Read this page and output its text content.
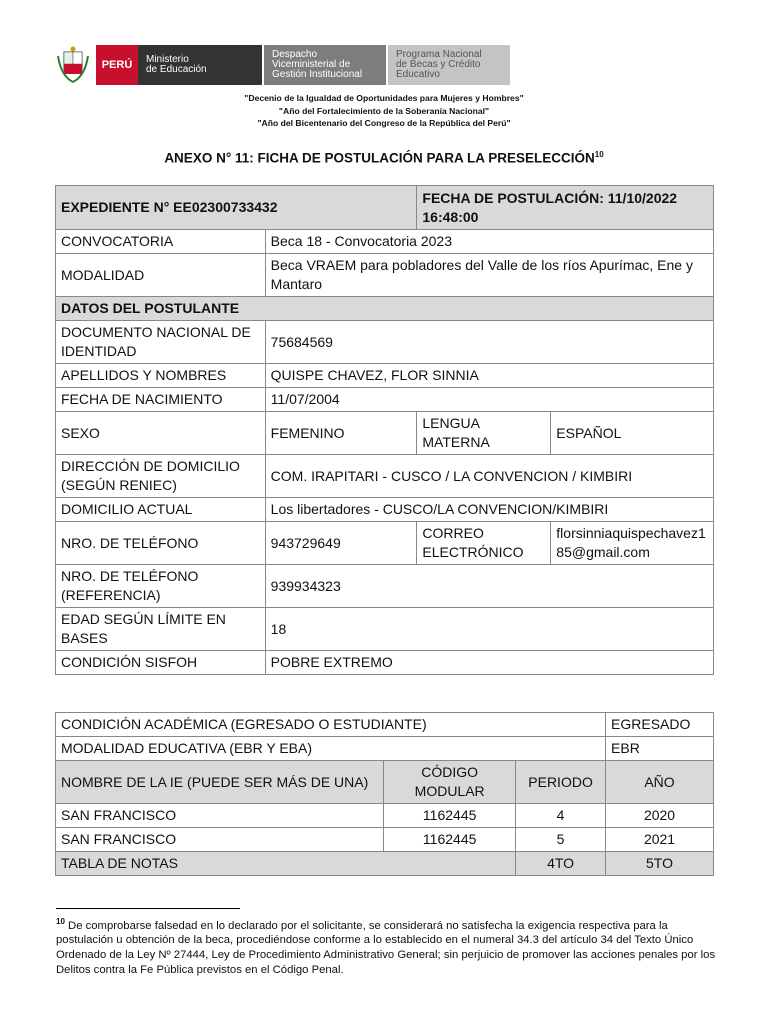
PERÚ	Ministerio
de Educación
Despacho
Viceministerial de
Gestión Institucional
Programa Nacional
de Becas y Crédito
Educativo
"Decenio de la Igualdad de Oportunidades para Mujeres y Hombres"
"Año del Fortalecimiento de la Soberanía Nacional"
"Año del Bicentenario del Congreso de la República del Perú"
ANEXO N° 11: FICHA DE POSTULACIÓN PARA LA PRESELECCIÓN$^{10}$
EXPEDIENTE N° EE02300733432		FECHA DE POSTULACIÓN: 11/10/2022 16:48:00	
CONVOCATORIA	Beca 18 - Convocatoria 2023		
MODALIDAD	Beca VRAEM para pobladores del Valle de los ríos Apurímac, Ene y Mantaro		
DATOS DEL POSTULANTE			
DOCUMENTO NACIONAL DE IDENTIDAD	75684569		
APELLIDOS Y NOMBRES	QUISPE CHAVEZ, FLOR SINNIA		
FECHA DE NACIMIENTO	11/07/2004		
SEXO	FEMENINO	LENGUA MATERNA	ESPAÑOL
DIRECCIÓN DE DOMICILIO (SEGÚN RENIEC)	COM. IRAPITARI - CUSCO / LA CONVENCION / KIMBIRI		
DOMICILIO ACTUAL	Los libertadores - CUSCO/LA CONVENCION/KIMBIRI		
NRO. DE TELÉFONO	943729649	CORREO ELECTRÓNICO	florsinniaquispechavez185@gmail.com
NRO. DE TELÉFONO (REFERENCIA)	939934323		
EDAD SEGÚN LÍMITE EN BASES	18		
CONDICIÓN SISFOH	POBRE EXTREMO		
CONDICIÓN ACADÉMICA (EGRESADO O ESTUDIANTE)			EGRESADO
MODALIDAD EDUCATIVA (EBR Y EBA)			EBR
NOMBRE DE LA IE (PUEDE SER MÁS DE UNA)	CÓDIGO MODULAR	PERIODO	AÑO
SAN FRANCISCO	1162445	4	2020
SAN FRANCISCO	1162445	5	2021
TABLA DE NOTAS		4TO	5TO
$^{10}$ De comprobarse falsedad en lo declarado por el solicitante, se considerará no satisfecha la exigencia respectiva para la postulación u obtención de la beca, procediéndose conforme a lo establecido en el numeral 34.3 del artículo 34 del Texto Único Ordenado de la Ley Nº 27444, Ley de Procedimiento Administrativo General; sin perjuicio de promover las acciones penales por los Delitos contra la Fe Pública previstos en el Código Penal.
